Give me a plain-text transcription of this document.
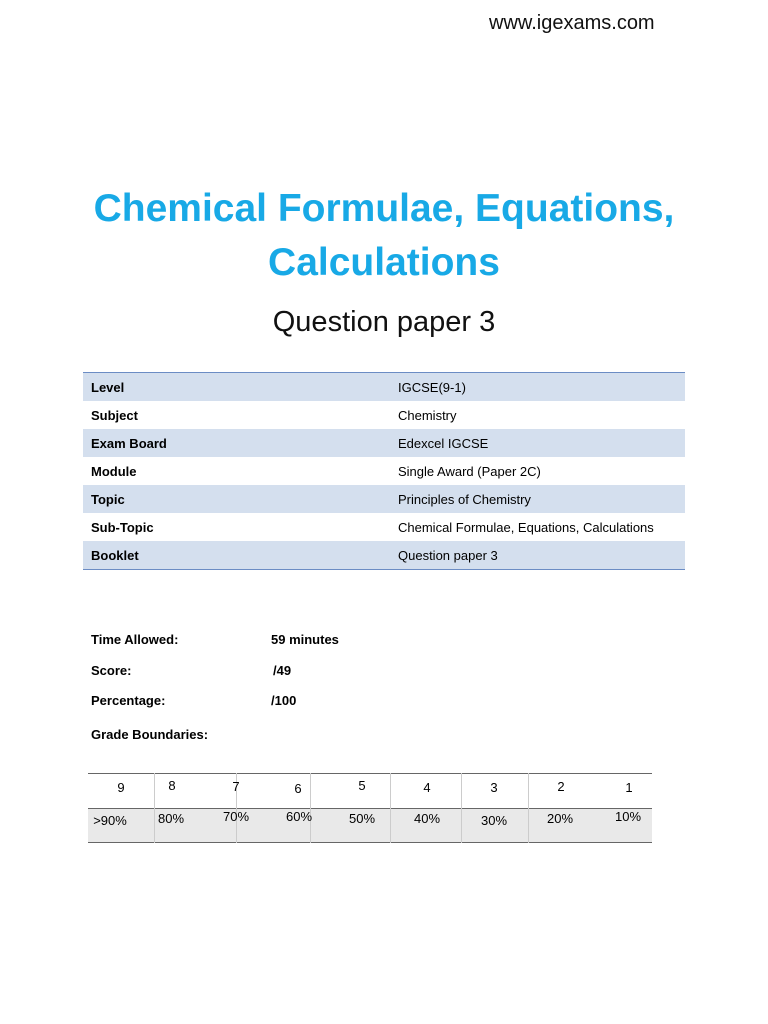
www.igexams.com
Chemical Formulae, Equations,
Calculations
Question paper 3
Level	IGCSE(9-1)
Subject	Chemistry
Exam Board	Edexcel IGCSE
Module	Single Award (Paper 2C)
Topic	Principles of Chemistry
Sub-Topic	Chemical Formulae, Equations, Calculations
Booklet	Question paper 3
Time Allowed:	59 minutes
Score:	/49
Percentage:	/100
Grade Boundaries:
9	8	7	6	5	4	3	2	1
>90%	80%	70%	60%	50%	40%	30%	20%	10%
